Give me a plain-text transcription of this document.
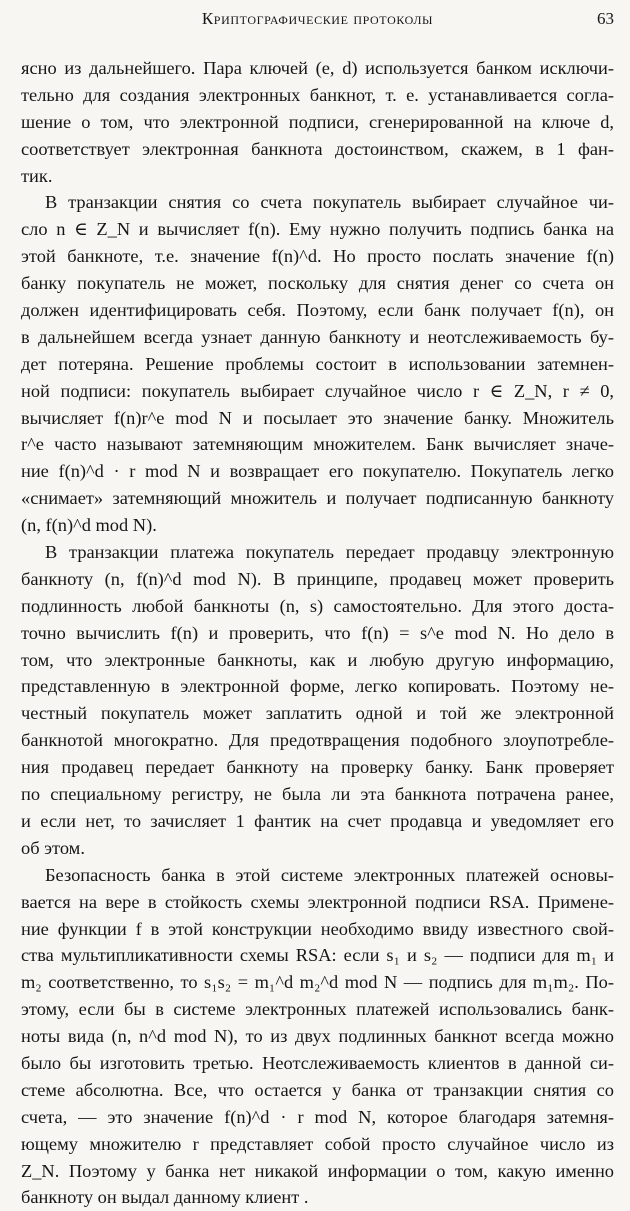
Криптографические протоколы	63
ясно из дальнейшего. Пара ключей (e, d) используется банком исключи-
тельно для создания электронных банкнот, т. е. устанавливается согла-
шение о том, что электронной подписи, сгенерированной на ключе d,
соответствует электронная банкнота достоинством, скажем, в 1 фан-
тик.
В транзакции снятия со счета покупатель выбирает случайное чи-
сло n ∈ Z_N и вычисляет f(n). Ему нужно получить подпись банка на
этой банкноте, т.е. значение f(n)^d. Но просто послать значение f(n)
банку покупатель не может, поскольку для снятия денег со счета он
должен идентифицировать себя. Поэтому, если банк получает f(n), он
в дальнейшем всегда узнает данную банкноту и неотслеживаемость бу-
дет потеряна. Решение проблемы состоит в использовании затемнен-
ной подписи: покупатель выбирает случайное число r ∈ Z_N, r ≠ 0,
вычисляет f(n)r^e mod N и посылает это значение банку. Множитель
r^e часто называют затемняющим множителем. Банк вычисляет значе-
ние f(n)^d · r mod N и возвращает его покупателю. Покупатель легко
«снимает» затемняющий множитель и получает подписанную банкноту
(n, f(n)^d mod N).
В транзакции платежа покупатель передает продавцу электронную
банкноту (n, f(n)^d mod N). В принципе, продавец может проверить
подлинность любой банкноты (n, s) самостоятельно. Для этого доста-
точно вычислить f(n) и проверить, что f(n) = s^e mod N. Но дело в
том, что электронные банкноты, как и любую другую информацию,
представленную в электронной форме, легко копировать. Поэтому не-
честный покупатель может заплатить одной и той же электронной
банкнотой многократно. Для предотвращения подобного злоупотребле-
ния продавец передает банкноту на проверку банку. Банк проверяет
по специальному регистру, не была ли эта банкнота потрачена ранее,
и если нет, то зачисляет 1 фантик на счет продавца и уведомляет его
об этом.
Безопасность банка в этой системе электронных платежей основы-
вается на вере в стойкость схемы электронной подписи RSA. Примене-
ние функции f в этой конструкции необходимо ввиду известного свой-
ства мультипликативности схемы RSA: если s₁ и s₂ — подписи для m₁ и
m₂ соответственно, то s₁s₂ = m₁^d m₂^d mod N — подпись для m₁m₂. По-
этому, если бы в системе электронных платежей использовались банк-
ноты вида (n, n^d mod N), то из двух подлинных банкнот всегда можно
было бы изготовить третью. Неотслеживаемость клиентов в данной си-
стеме абсолютна. Все, что остается у банка от транзакции снятия со
счета, — это значение f(n)^d · r mod N, которое благодаря затемня-
ющему множителю r представляет собой просто случайное число из
Z_N. Поэтому у банка нет никакой информации о том, какую именно
банкноту он выдал данному клиент .
